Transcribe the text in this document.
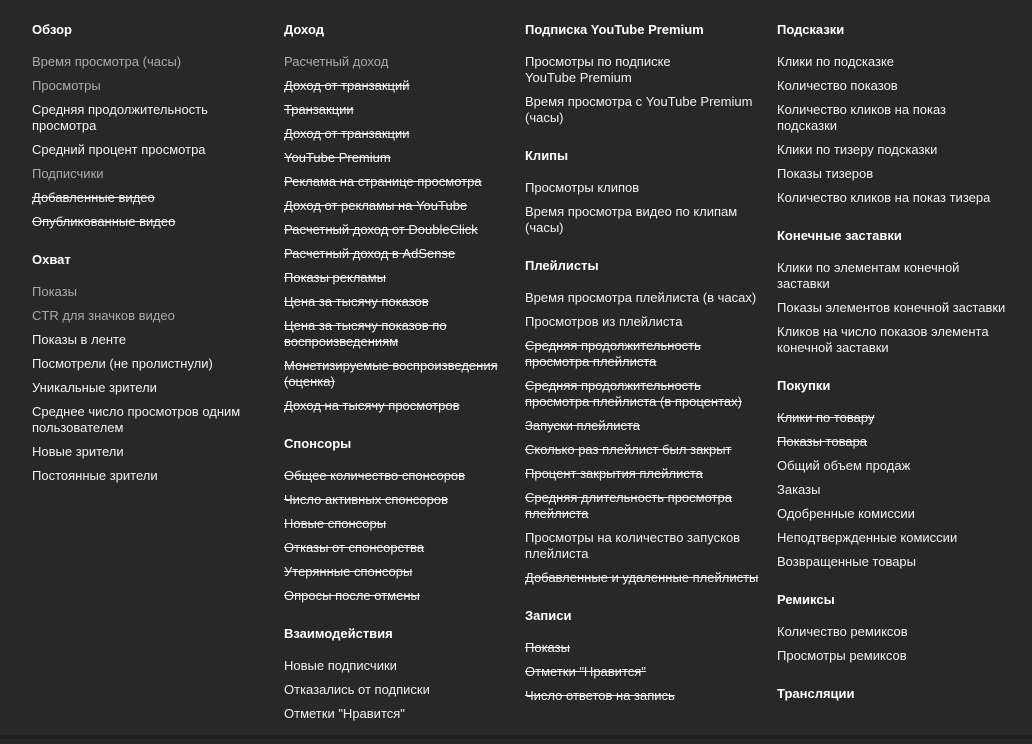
Обзор
Время просмотра (часы)
Просмотры
Средняя продолжительность
просмотра
Средний процент просмотра
Подписчики
Добавленные видео
Опубликованные видео
Охват
Показы
CTR для значков видео
Показы в ленте
Посмотрели (не пролистнули)
Уникальные зрители
Среднее число просмотров одним
пользователем
Новые зрители
Постоянные зрители
Доход
Расчетный доход
Доход от транзакций
Транзакции
Доход от транзакции
YouTube Premium
Реклама на странице просмотра
Доход от рекламы на YouTube
Расчетный доход от DoubleClick
Расчетный доход в AdSense
Показы рекламы
Цена за тысячу показов
Цена за тысячу показов по
воспроизведениям
Монетизируемые воспроизведения
(оценка)
Доход на тысячу просмотров
Спонсоры
Общее количество спонсоров
Число активных спонсоров
Новые спонсоры
Отказы от спонсорства
Утерянные спонсоры
Опросы после отмены
Взаимодействия
Новые подписчики
Отказались от подписки
Отметки "Нравится"
Подписка YouTube Premium
Просмотры по подписке
YouTube Premium
Время просмотра с YouTube Premium
(часы)
Клипы
Просмотры клипов
Время просмотра видео по клипам
(часы)
Плейлисты
Время просмотра плейлиста (в часах)
Просмотров из плейлиста
Средняя продолжительность
просмотра плейлиста
Средняя продолжительность
просмотра плейлиста (в процентах)
Запуски плейлиста
Сколько раз плейлист был закрыт
Процент закрытия плейлиста
Средняя длительность просмотра
плейлиста
Просмотры на количество запусков
плейлиста
Добавленные и удаленные плейлисты
Записи
Показы
Отметки "Нравится"
Число ответов на запись
Подсказки
Клики по подсказке
Количество показов
Количество кликов на показ
подсказки
Клики по тизеру подсказки
Показы тизеров
Количество кликов на показ тизера
Конечные заставки
Клики по элементам конечной
заставки
Показы элементов конечной заставки
Кликов на число показов элемента
конечной заставки
Покупки
Клики по товару
Показы товара
Общий объем продаж
Заказы
Одобренные комиссии
Неподтвержденные комиссии
Возвращенные товары
Ремиксы
Количество ремиксов
Просмотры ремиксов
Трансляции
